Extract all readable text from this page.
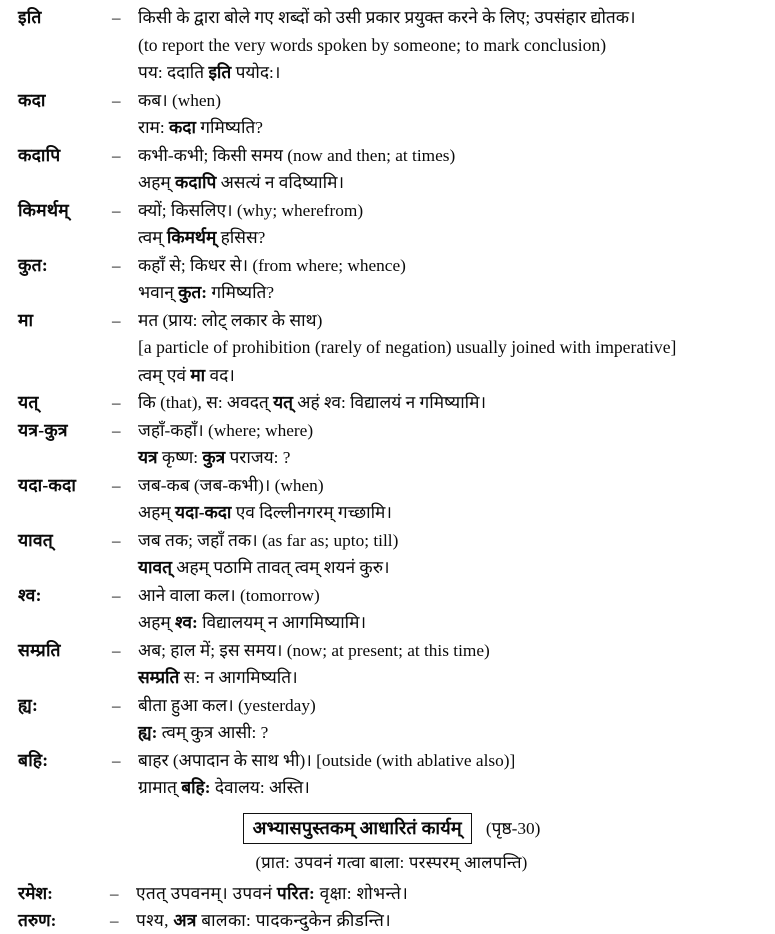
इति	–	किसी के द्वारा बोले गए शब्दों को उसी प्रकार प्रयुक्त करने के लिए; उपसंहार द्योतक।

		(to report the very words spoken by someone; to mark conclusion)

		पय: ददाति इति पयोद:।

कदा	–	कब। (when)

		राम: कदा गमिष्यति?

कदापि	–	कभी-कभी; किसी समय (now and then; at times)

		अहम् कदापि असत्यं न वदिष्यामि।

किमर्थम्	–	क्यों; किसलिए। (why; wherefrom)

		त्वम् किमर्थम् हसिस?

कुत:	–	कहाँ से; किधर से। (from where; whence)

		भवान् कुत: गमिष्यति?

मा	–	मत (प्राय: लोट् लकार के साथ)

		[a particle of prohibition (rarely of negation) usually joined with imperative]

		त्वम् एवं मा वद।

यत्	–	कि (that), स: अवदत् यत् अहं श्व: विद्यालयं न गमिष्यामि।

यत्र-कुत्र	–	जहाँ-कहाँ। (where; where)

		यत्र कृष्ण: कुत्र पराजय: ?

यदा-कदा	–	जब-कब (जब-कभी)। (when)

		अहम् यदा-कदा एव दिल्लीनगरम् गच्छामि।

यावत्	–	जब तक; जहाँ तक। (as far as; upto; till)

		यावत् अहम् पठामि तावत् त्वम् शयनं कुरु।

श्व:	–	आने वाला कल। (tomorrow)

		अहम् श्व: विद्यालयम् न आगमिष्यामि।

सम्प्रति	–	अब; हाल में; इस समय। (now; at present; at this time)

		सम्प्रति स: न आगमिष्यति।

ह्य:	–	बीता हुआ कल। (yesterday)

		ह्य: त्वम् कुत्र आसी: ?

बहि:	–	बाहर (अपादान के साथ भी)। [outside (with ablative also)]

		ग्रामात् बहि: देवालय: अस्ति।
अभ्यासपुस्तकम् आधारितं कार्यम्	(पृष्ठ-30)
(प्रात: उपवनं गत्वा बाला: परस्परम् आलपन्ति)
रमेश:	–	एतत् उपवनम्। उपवनं परित: वृक्षा: शोभन्ते।
तरुण:	–	पश्य, अत्र बालका: पादकन्दुकेन क्रीडन्ति।
